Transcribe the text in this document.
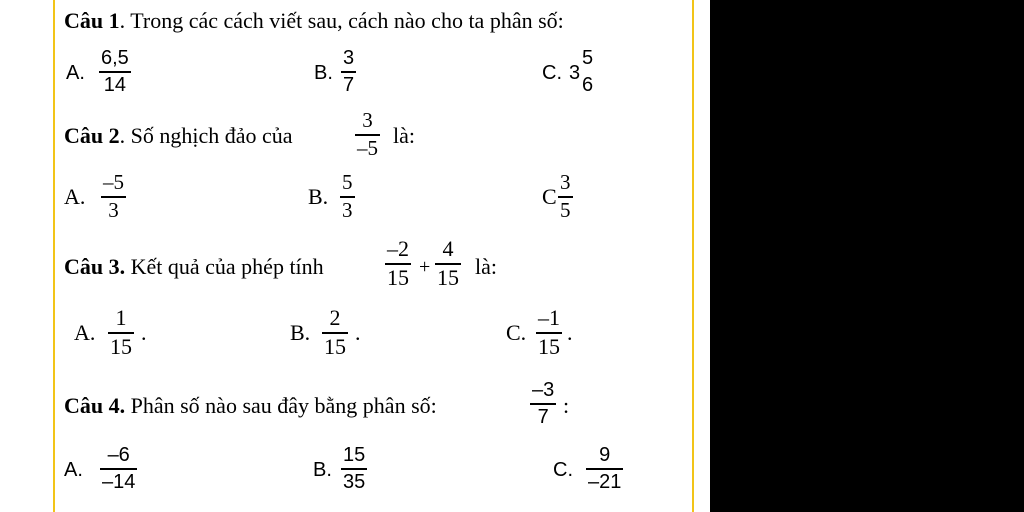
Câu 1. Trong các cách viết sau, cách nào cho ta phân số:
A.
6,5
14
B.
3
7
C. 3
5
6
Câu 2. Số nghịch đảo của
3
–5 là:
A.
–5
3
B.
5
3
C
3
5
Câu 3. Kết quả của phép tính
–2
15 +
4
15 là:
A.
1
15
.	B.
2
15
.	C.
–1
15
.
Câu 4. Phân số nào sau đây bằng phân số:
–3
7 :
A.
–6
–14
B.
15
35
C.
9
–21
